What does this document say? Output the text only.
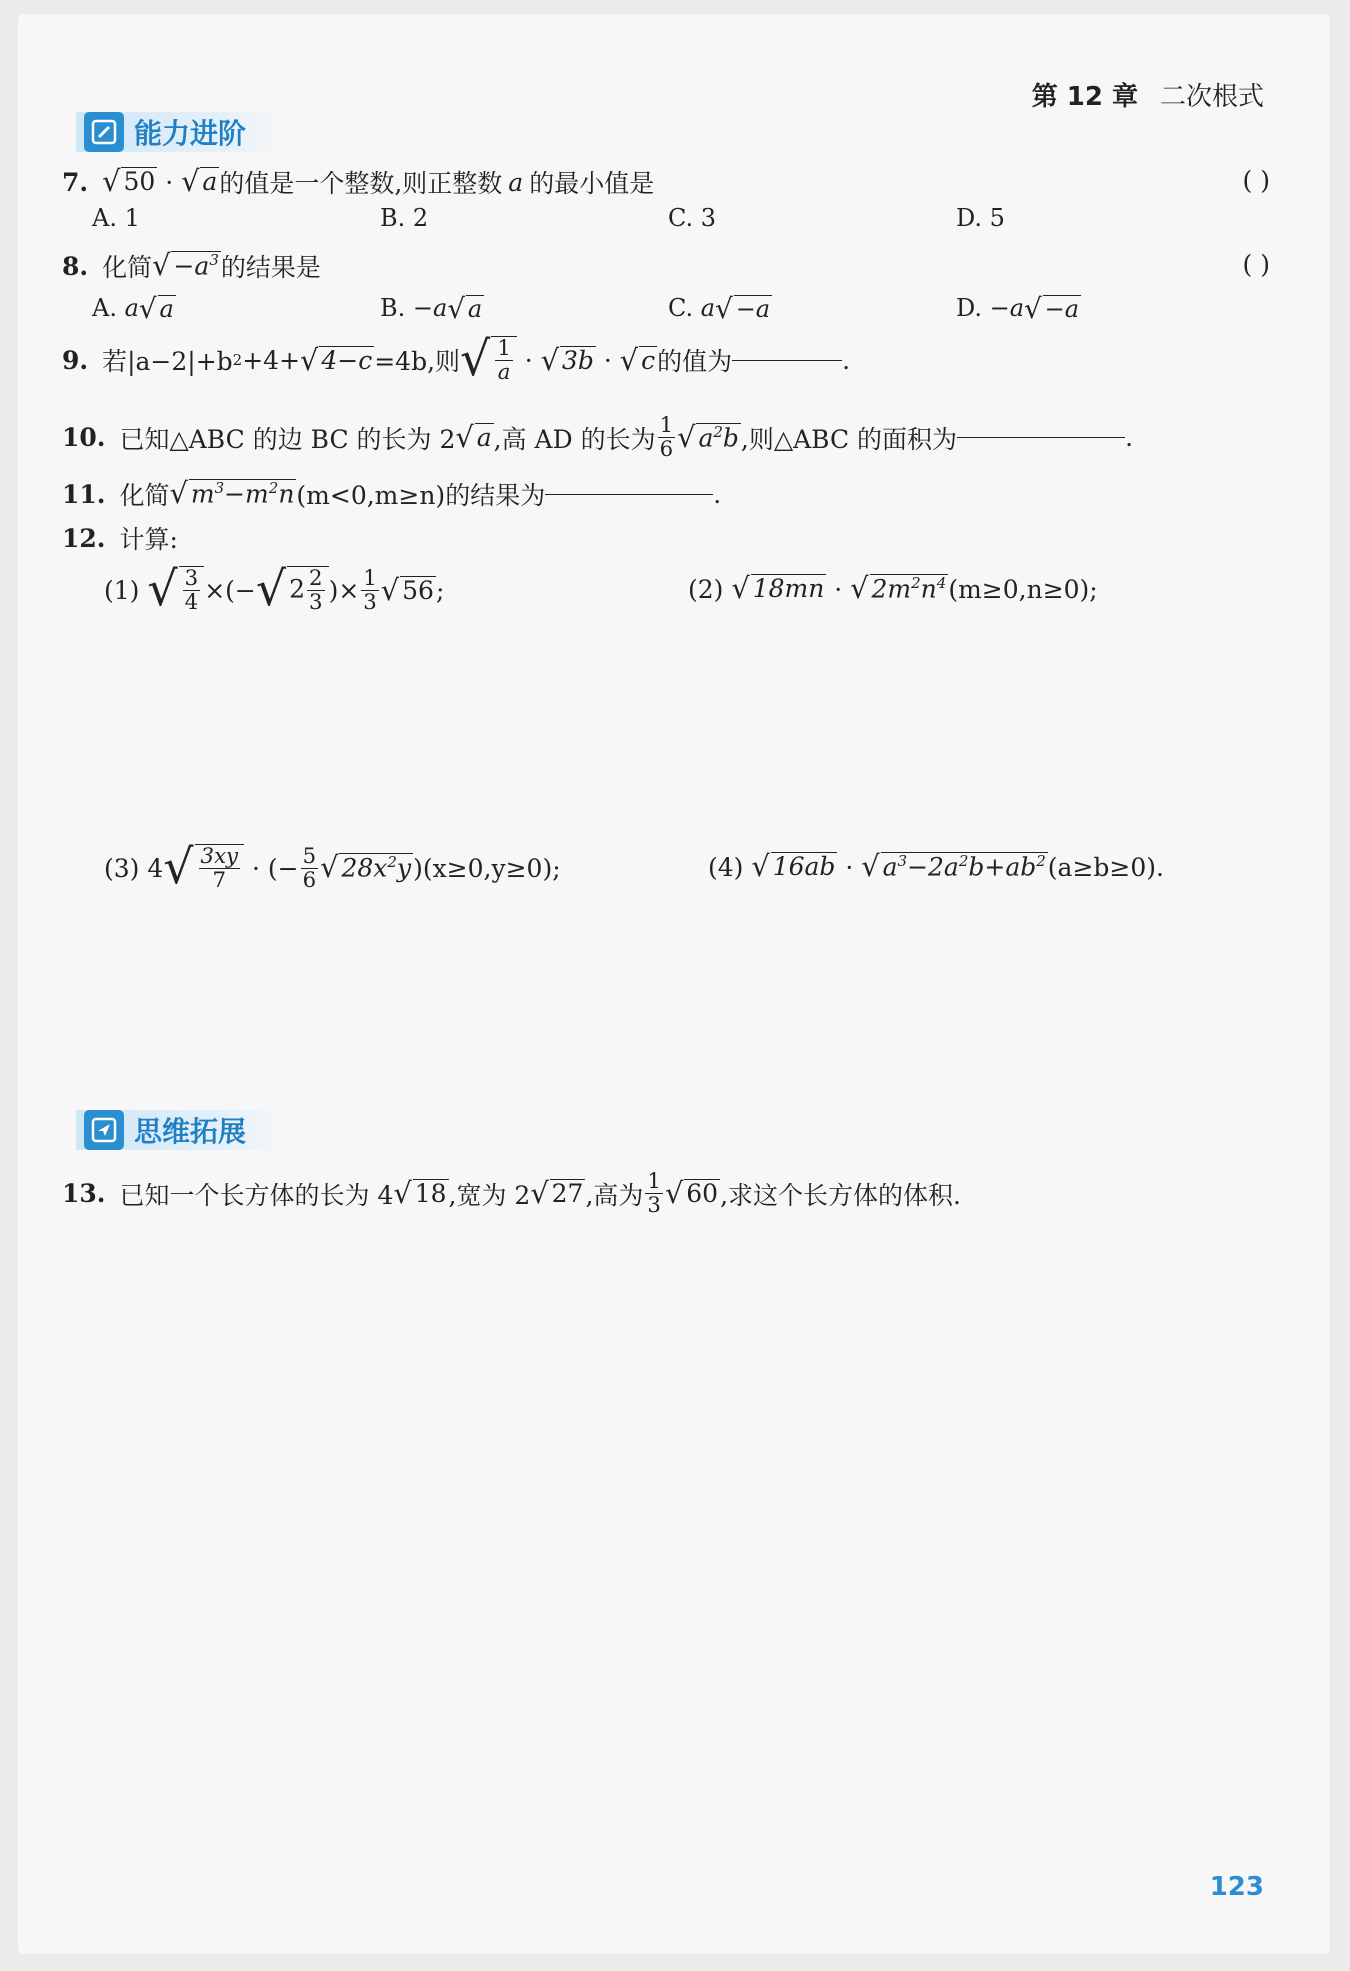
第 12 章 二次根式
能力进阶
7. √ 50 · √ a 的值是一个整数,则正整数 a 的最小值是	( )
A. 1	B. 2	C. 3	D. 5
8. 化简 √ $-a^3$ 的结果是	( )
A. a √ a	B. −a √ a	C. a √ −a	D. −a √ −a
9. 若|a−2|+b 2 +4+ √ 4−c =4b,则 √ $\frac{1}{a}$ · √ 3b · √ c 的值为	.
10. 已知△ABC 的边 BC 的长为 2 √ a ,高 AD 的长为 $\frac{1}{6}$ √ $a^2b$ ,则△ABC 的面积为	.
11. 化简 √ $m^3-m^2n$ (m<0,m≥n)的结果为	.
12. 计算:
(1)
√ $\frac{3}{4}$ ×(− √ $2 \frac{2}{3}$ )× $\frac{1}{3}$ √ 56 ;	(2)
√ 18mn · √ $2m^2n^4$ (m≥0,n≥0);
(3) 4 √ $\frac{3xy}{7}$ · (− $\frac{5}{6}$ √ $28x^2y$ ) (x≥0,y≥0);	(4)
√ 16ab · √ $a^3-2a^2b+ab^2$ (a≥b≥0).
思维拓展
13. 已知一个长方体的长为 4 √ 18 ,宽为 2 √ 27 ,高为 $\frac{1}{3}$ √ 60 ,求这个长方体的体积.
123
